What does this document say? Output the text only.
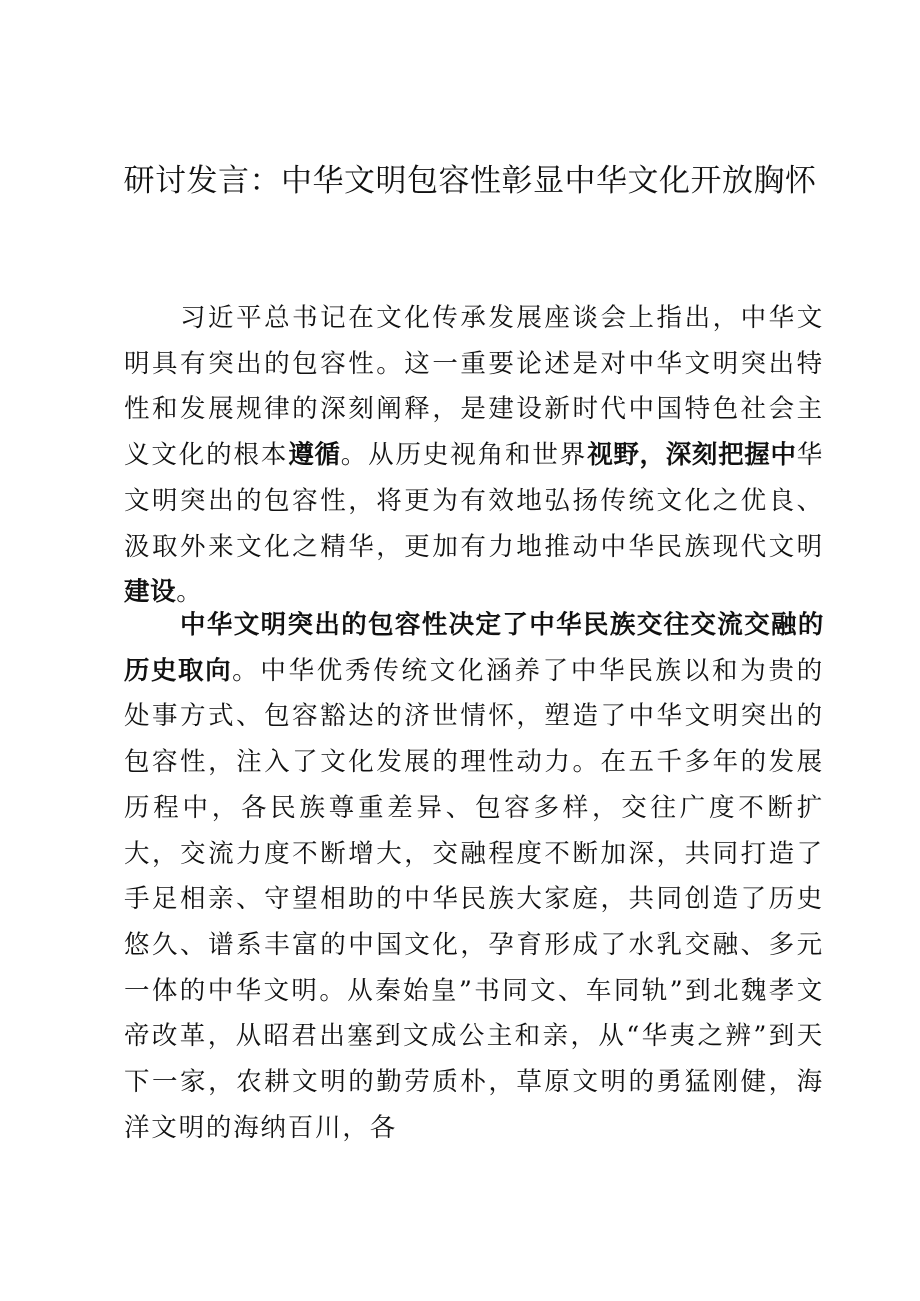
研讨发言：中华文明包容性彰显中华文化开放胸怀

习近平总书记在文化传承发展座谈会上指出，中华文明具有突出的包容性。这一重要论述是对中华文明突出特性和发展规律的深刻阐释，是建设新时代中国特色社会主义文化的根本遵循。从历史视角和世界视野，深刻把握中华文明突出的包容性，将更为有效地弘扬传统文化之优良、汲取外来文化之精华，更加有力地推动中华民族现代文明建设。

中华文明突出的包容性决定了中华民族交往交流交融的历史取向。中华优秀传统文化涵养了中华民族以和为贵的处事方式、包容豁达的济世情怀，塑造了中华文明突出的包容性，注入了文化发展的理性动力。在五千多年的发展历程中，各民族尊重差异、包容多样，交往广度不断扩大，交流力度不断增大，交融程度不断加深，共同打造了手足相亲、守望相助的中华民族大家庭，共同创造了历史悠久、谱系丰富的中国文化，孕育形成了水乳交融、多元一体的中华文明。从秦始皇”书同文、车同轨”到北魏孝文帝改革，从昭君出塞到文成公主和亲，从“华夷之辨”到天下一家，农耕文明的勤劳质朴，草原文明的勇猛刚健，海洋文明的海纳百川，各
